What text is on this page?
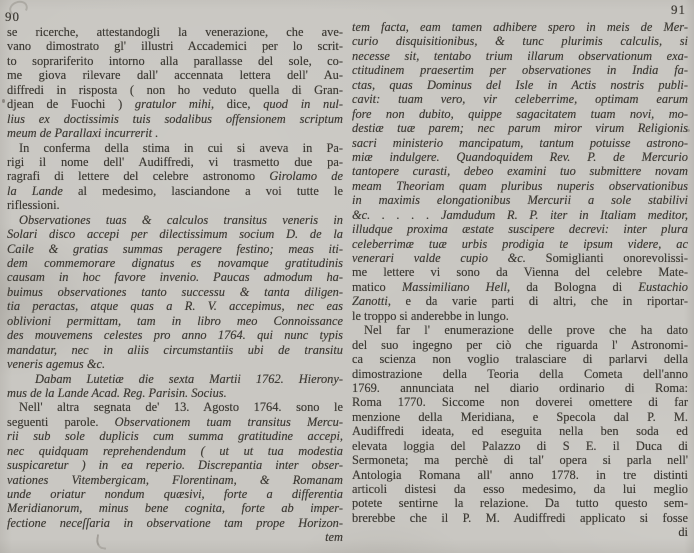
90	91
se ricerche, attestandogli la venerazione, che ave-
vano dimostrato gl' illustri Accademici per lo scrit-
to soprariferito intorno alla parallasse del sole, co-
me giova rilevare dall' accennata lettera dell' Au-
diffredi in risposta ( non ho veduto quella di Gran-
djean de Fuochi ) gratulor mihi, dice, quod in nul-
lius ex doctissimis tuis sodalibus offensionem scriptum
meum de Parallaxi incurrerit .
In conferma della stima in cui si aveva in Pa-
rigi il nome dell' Audiffredi, vi trasmetto due pa-
ragrafi di lettere del celebre astronomo Girolamo de
la Lande al medesimo, lasciandone a voi tutte le
riflessioni.
Observationes tuas & calculos transitus veneris in
Solari disco accepi per dilectissimum socium D. de la
Caile & gratias summas peragere festino; meas iti-
dem commemorare dignatus es novamque gratitudinis
causam in hoc favore invenio. Paucas admodum ha-
buimus observationes tanto successu & tanta diligen-
tia peractas, atque quas a R. V. accepimus, nec eas
oblivioni permittam, tam in libro meo Connoissance
des mouvemens celestes pro anno 1764. qui nunc typis
mandatur, nec in aliis circumstantiis ubi de transitu
veneris agemus &c.
Dabam Lutetiæ die sexta Martii 1762. Hierony-
mus de la Lande Acad. Reg. Parisin. Socius.
Nell' altra segnata de' 13. Agosto 1764. sono le
seguenti parole. Observationem tuam transitus Mercu-
rii sub sole duplicis cum summa gratitudine accepi,
nec quidquam reprehendendum ( ut ut tua modestia
suspicaretur ) in ea reperio. Discrepantia inter obser-
vationes Vitembergicam, Florentinam, & Romanam
unde oriatur nondum quæsivi, forte a differentia
Meridianorum, minus bene cognita, forte ab imper-
fectione neceſſaria in observatione tam prope Horizon-
tem
tem facta, eam tamen adhibere spero in meis de Mer-
curio disquisitionibus, & tunc plurimis calculis, si
necesse sit, tentabo trium illarum observationum exa-
ctitudinem praesertim per observationes in India fa-
ctas, quas Dominus del Isle in Actis nostris publi-
cavit: tuam vero, vir celeberrime, optimam earum
fore non dubito, quippe sagacitatem tuam novi, mo-
destiæ tuæ parem; nec parum miror virum Religionis
sacri ministerio mancipatum, tantum potuisse astrono-
miæ indulgere. Quandoquidem Rev. P. de Mercurio
tantopere curasti, debeo examini tuo submittere novam
meam Theoriam quam pluribus nuperis observationibus
in maximis elongationibus Mercurii a sole stabilivi
&c. . . . . Jamdudum R. P. iter in Italiam meditor,
illudque proxima æstate suscipere decrevi: inter plura
celeberrimæ tuæ urbis prodigia te ipsum videre, ac
venerari valde cupio &c. Somiglianti onorevolissi-
me lettere vi sono da Vienna del celebre Mate-
matico Massimiliano Hell, da Bologna di Eustachio
Zanotti, e da varie parti di altri, che in riportar-
le troppo si anderebbe in lungo.
Nel far l' enumerazione delle prove che ha dato
del suo ingegno per ciò che riguarda l' Astronomi-
ca scienza non voglio tralasciare di parlarvi della
dimostrazione della Teoria della Cometa dell'anno
1769. annunciata nel diario ordinario di Roma:
Roma 1770. Siccome non doverei omettere di far
menzione della Meridiana, e Specola dal P. M.
Audiffredi ideata, ed eseguita nella ben soda ed
elevata loggia del Palazzo di S E. il Duca di
Sermoneta; ma perchè di tal' opera si parla nell'
Antologia Romana all' anno 1778. in tre distinti
articoli distesi da esso medesimo, da lui meglio
potete sentirne la relazione. Da tutto questo sem-
brerebbe che il P. M. Audiffredi applicato si fosse
di
